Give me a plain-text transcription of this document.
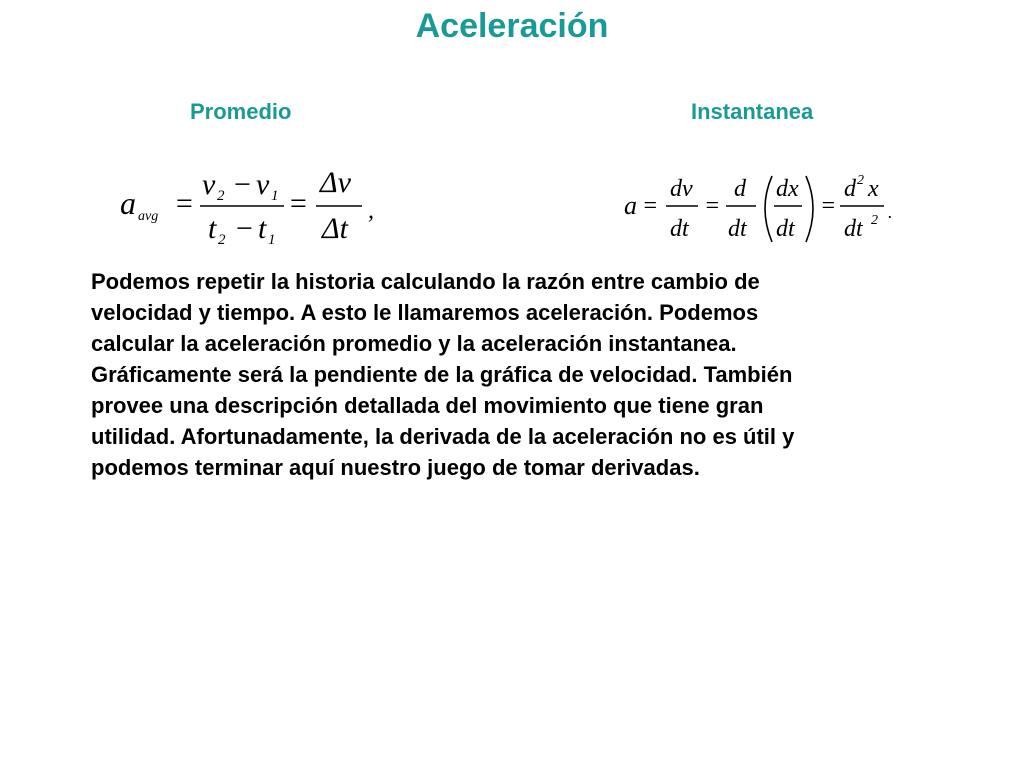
Aceleración
Promedio	Instantanea
a avg =
v 2 − v 1
t 2 − t 1
=
Δv
Δt
,	a =
dv
dt
=
d
dt
dx
dt
=
d 2 x
dt 2 .
Podemos repetir la historia calculando la razón entre cambio de
velocidad y tiempo. A esto le llamaremos aceleración. Podemos
calcular la aceleración promedio y la aceleración instantanea.
Gráficamente será la pendiente de la gráfica de velocidad. También
provee una descripción detallada del movimiento que tiene gran
utilidad. Afortunadamente, la derivada de la aceleración no es útil y
podemos terminar aquí nuestro juego de tomar derivadas.
